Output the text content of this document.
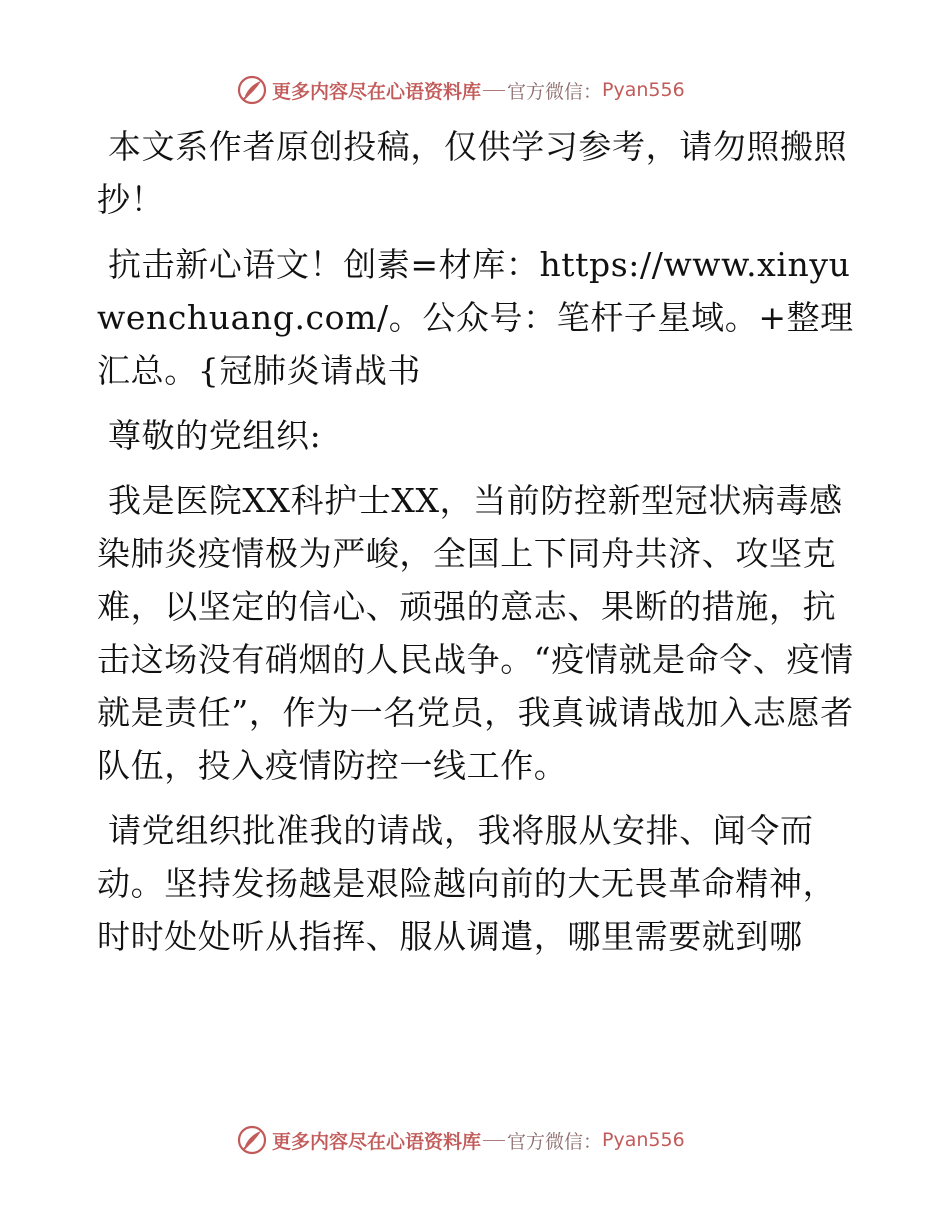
更多内容尽在心语资料库 官方微信： Pyan556

本文系作者原创投稿，仅供学习参考，请勿照搬照抄！

抗击新心语文！创素=材库：https://www.xinyuwenchuang.com/。公众号：笔杆子星域。+整理汇总。{冠肺炎请战书

尊敬的党组织:

我是医院XX科护士XX，当前防控新型冠状病毒感染肺炎疫情极为严峻，全国上下同舟共济、攻坚克难，以坚定的信心、顽强的意志、果断的措施，抗击这场没有硝烟的人民战争。“疫情就是命令、疫情就是责任”，作为一名党员，我真诚请战加入志愿者队伍，投入疫情防控一线工作。

请党组织批准我的请战，我将服从安排、闻令而动。坚持发扬越是艰险越向前的大无畏革命精神，时时处处听从指挥、服从调遣，哪里需要就到哪

更多内容尽在心语资料库 官方微信： Pyan556
